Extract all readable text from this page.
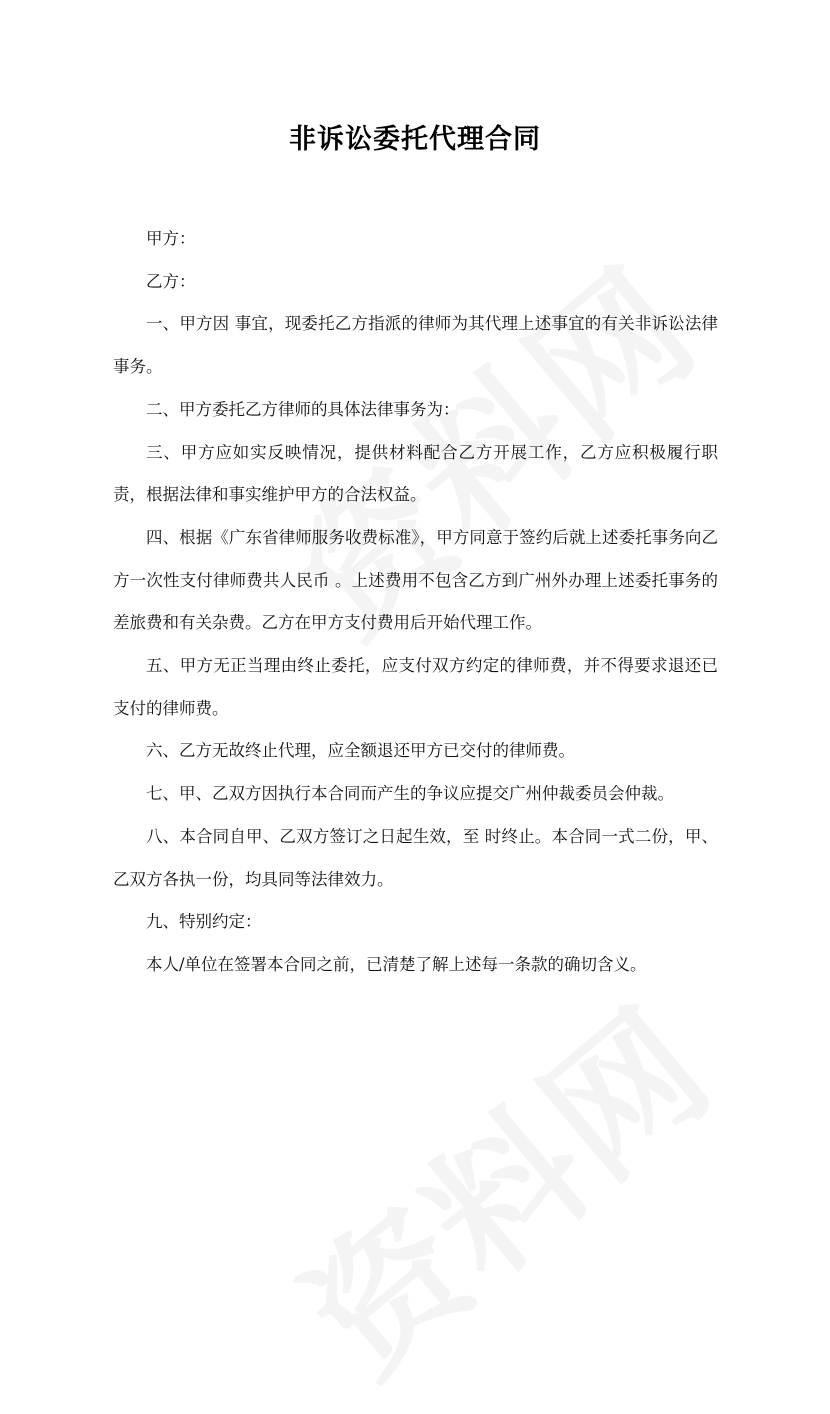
非诉讼委托代理合同

甲方：

乙方：

一、甲方因 事宜，现委托乙方指派的律师为其代理上述事宜的有关非诉讼法律事务。

二、甲方委托乙方律师的具体法律事务为：

三、甲方应如实反映情况，提供材料配合乙方开展工作，乙方应积极履行职责，根据法律和事实维护甲方的合法权益。

四、根据《广东省律师服务收费标准》，甲方同意于签约后就上述委托事务向乙方一次性支付律师费共人民币 。上述费用不包含乙方到广州外办理上述委托事务的差旅费和有关杂费。乙方在甲方支付费用后开始代理工作。

五、甲方无正当理由终止委托，应支付双方约定的律师费，并不得要求退还已支付的律师费。

六、乙方无故终止代理，应全额退还甲方已交付的律师费。

七、甲、乙双方因执行本合同而产生的争议应提交广州仲裁委员会仲裁。

八、本合同自甲、乙双方签订之日起生效，至 时终止。本合同一式二份，甲、乙双方各执一份，均具同等法律效力。

九、特别约定：

本人/单位在签署本合同之前，已清楚了解上述每一条款的确切含义。
